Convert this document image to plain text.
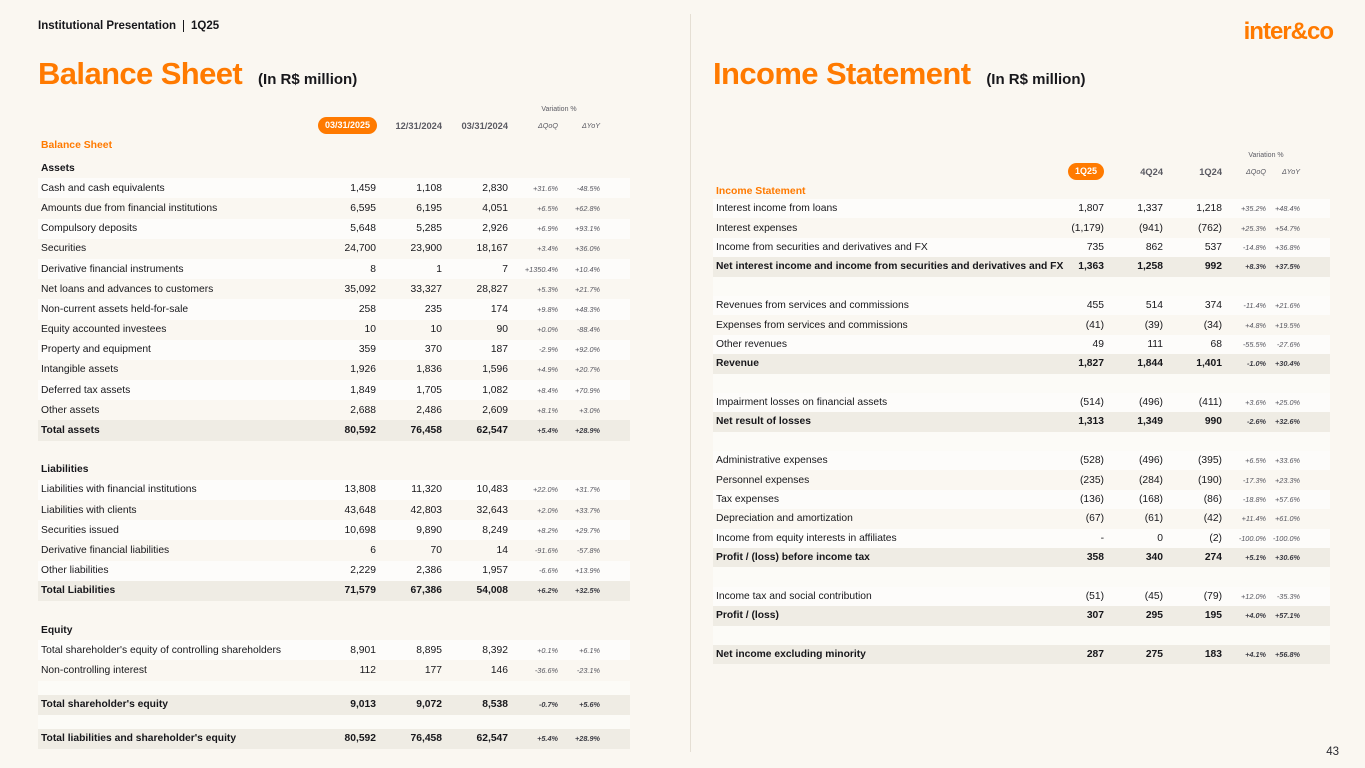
Institutional Presentation 1Q25	inter&co
Balance Sheet (In R$ million)
Variation %
03/31/2025	12/31/2024	03/31/2024	ΔQoQ	ΔYoY
Balance Sheet
Assets
Cash and cash equivalents	1,459	1,108	2,830	+31.6%	-48.5%
Amounts due from financial institutions	6,595	6,195	4,051	+6.5%	+62.8%
Compulsory deposits	5,648	5,285	2,926	+6.9%	+93.1%
Securities	24,700	23,900	18,167	+3.4%	+36.0%
Derivative financial instruments	8	1	7	+1350.4%	+10.4%
Net loans and advances to customers	35,092	33,327	28,827	+5.3%	+21.7%
Non-current assets held-for-sale	258	235	174	+9.8%	+48.3%
Equity accounted investees	10	10	90	+0.0%	-88.4%
Property and equipment	359	370	187	-2.9%	+92.0%
Intangible assets	1,926	1,836	1,596	+4.9%	+20.7%
Deferred tax assets	1,849	1,705	1,082	+8.4%	+70.9%
Other assets	2,688	2,486	2,609	+8.1%	+3.0%
Total assets	80,592	76,458	62,547	+5.4%	+28.9%
Liabilities
Liabilities with financial institutions	13,808	11,320	10,483	+22.0%	+31.7%
Liabilities with clients	43,648	42,803	32,643	+2.0%	+33.7%
Securities issued	10,698	9,890	8,249	+8.2%	+29.7%
Derivative financial liabilities	6	70	14	-91.6%	-57.8%
Other liabilities	2,229	2,386	1,957	-6.6%	+13.9%
Total Liabilities	71,579	67,386	54,008	+6.2%	+32.5%
Equity
Total shareholder's equity of controlling shareholders	8,901	8,895	8,392	+0.1%	+6.1%
Non-controlling interest	112	177	146	-36.6%	-23.1%
Total shareholder's equity	9,013	9,072	8,538	-0.7%	+5.6%
Total liabilities and shareholder's equity	80,592	76,458	62,547	+5.4%	+28.9%
Income Statement (In R$ million)
Variation %
1Q25	4Q24	1Q24	ΔQoQ	ΔYoY
Income Statement
Interest income from loans	1,807	1,337	1,218	+35.2%	+48.4%
Interest expenses	(1,179)	(941)	(762)	+25.3%	+54.7%
Income from securities and derivatives and FX	735	862	537	-14.8%	+36.8%
Net interest income and income from securities and derivatives and FX	1,363	1,258	992	+8.3%	+37.5%
Revenues from services and commissions	455	514	374	-11.4%	+21.6%
Expenses from services and commissions	(41)	(39)	(34)	+4.8%	+19.5%
Other revenues	49	111	68	-55.5%	-27.6%
Revenue	1,827	1,844	1,401	-1.0%	+30.4%
Impairment losses on financial assets	(514)	(496)	(411)	+3.6%	+25.0%
Net result of losses	1,313	1,349	990	-2.6%	+32.6%
Administrative expenses	(528)	(496)	(395)	+6.5%	+33.6%
Personnel expenses	(235)	(284)	(190)	-17.3%	+23.3%
Tax expenses	(136)	(168)	(86)	-18.8%	+57.6%
Depreciation and amortization	(67)	(61)	(42)	+11.4%	+61.0%
Income from equity interests in affiliates	-	0	(2)	-100.0% -100.0%
Profit / (loss) before income tax	358	340	274	+5.1%	+30.6%
Income tax and social contribution	(51)	(45)	(79)	+12.0%	-35.3%
Profit / (loss)	307	295	195	+4.0%	+57.1%
Net income excluding minority	287	275	183	+4.1%	+56.8%
43
